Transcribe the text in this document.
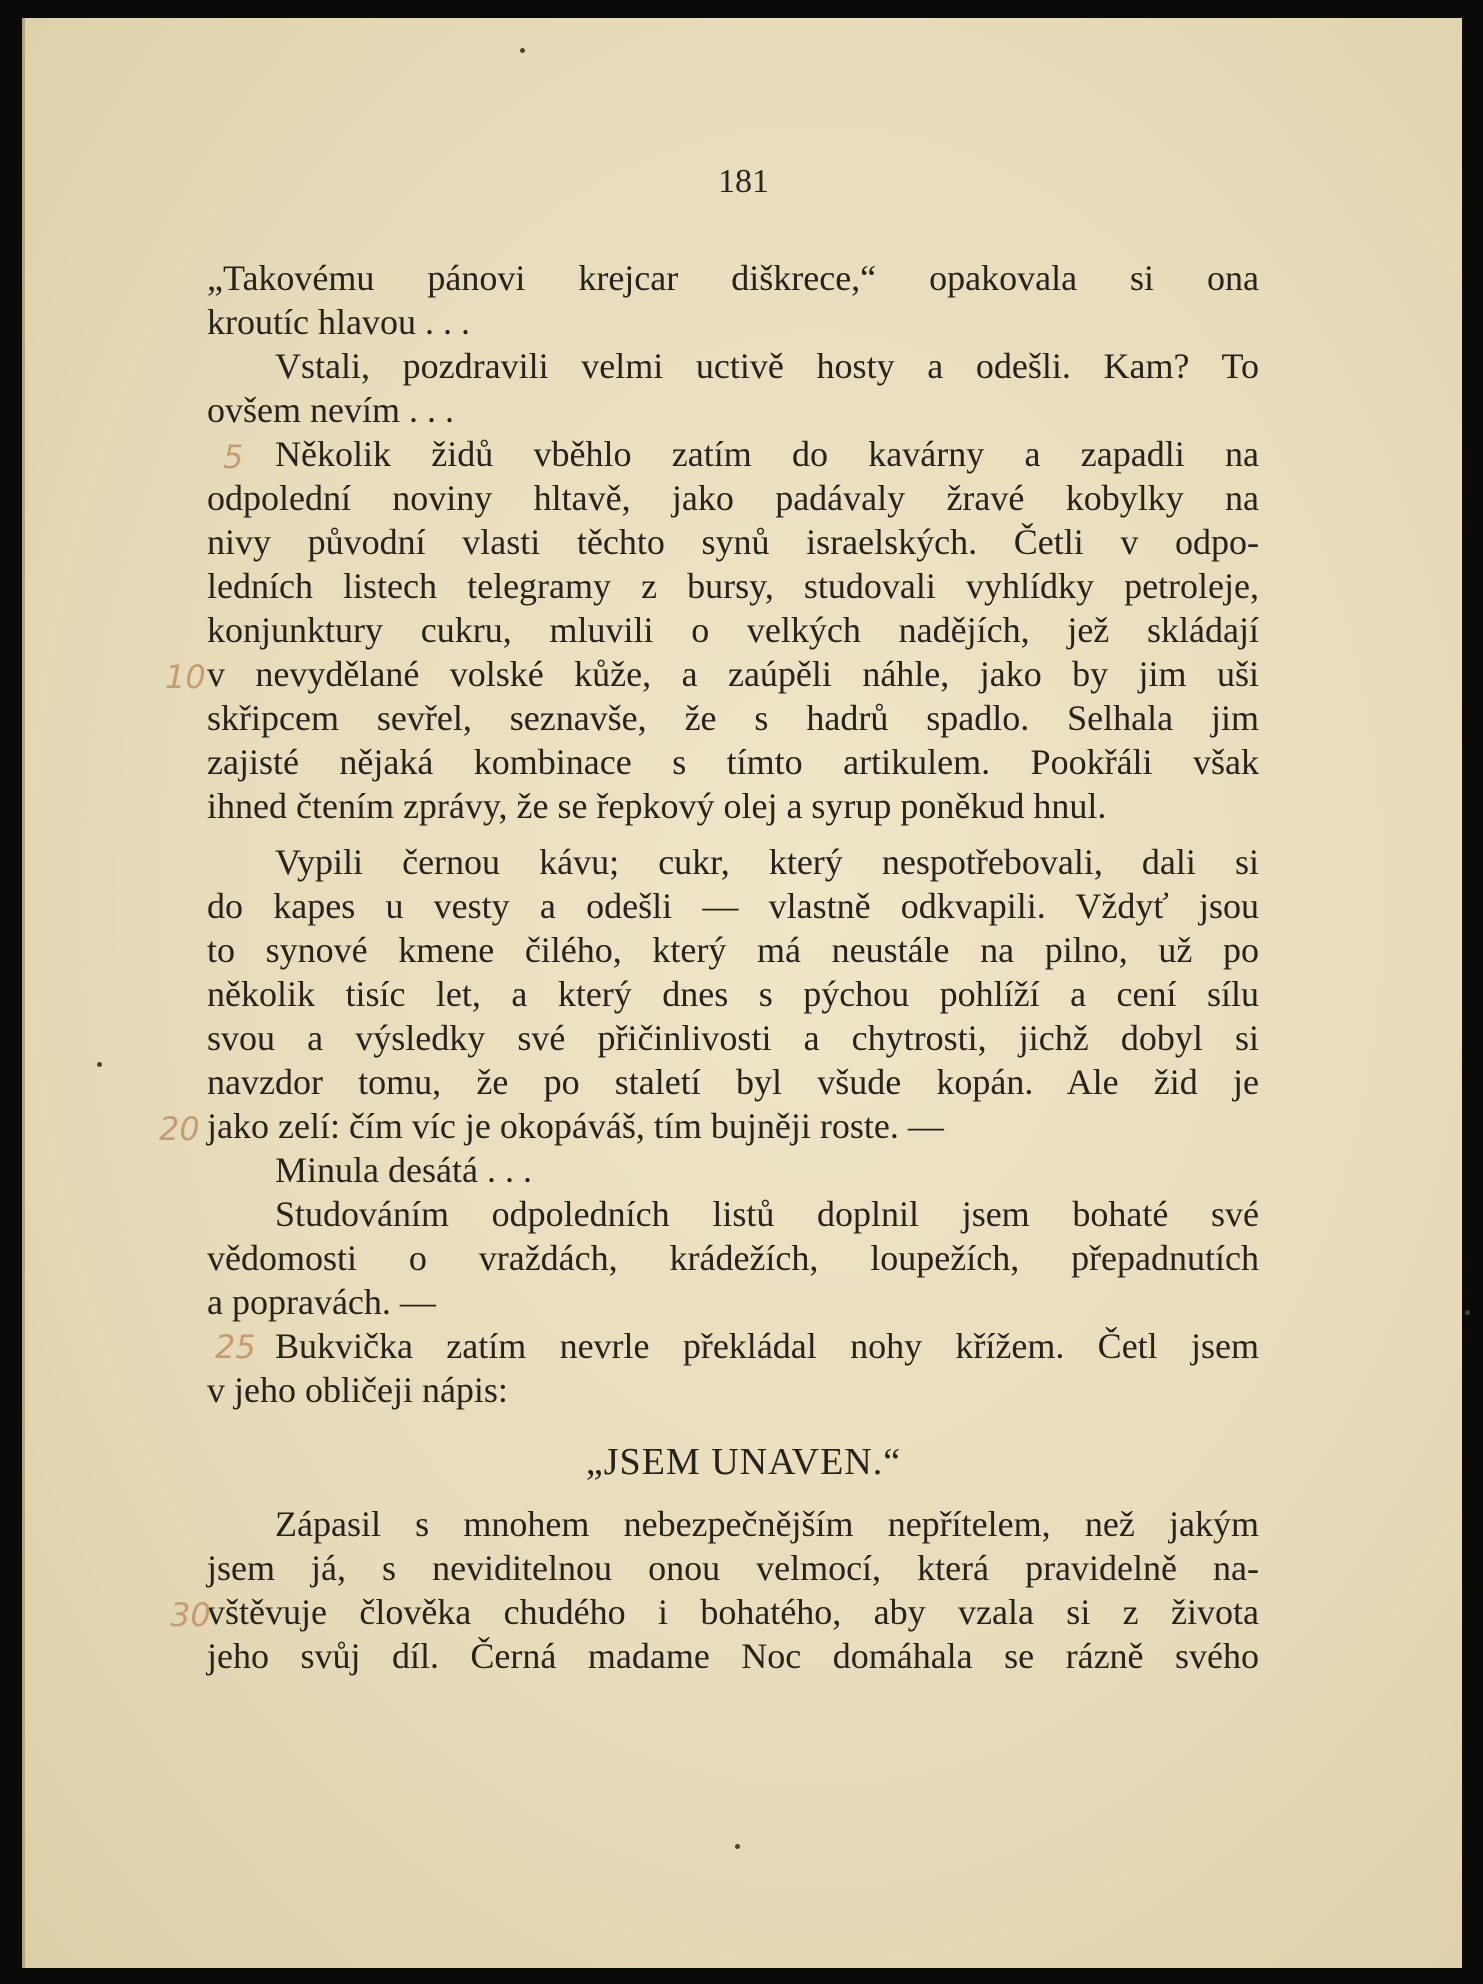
181
„Takovému pánovi krejcar diškrece,“ opakovala si ona
kroutíc hlavou . . .
Vstali, pozdravili velmi uctivě hosty a odešli. Kam? To
ovšem nevím . . .
Několik židů vběhlo zatím do kavárny a zapadli na
odpolední noviny hltavě, jako padávaly žravé kobylky na
nivy původní vlasti těchto synů israelských. Četli v odpo-
ledních listech telegramy z bursy, studovali vyhlídky petroleje,
konjunktury cukru, mluvili o velkých nadějích, jež skládají
v nevydělané volské kůže, a zaúpěli náhle, jako by jim uši
skřipcem sevřel, seznavše, že s hadrů spadlo. Selhala jim
zajisté nějaká kombinace s tímto artikulem. Pookřáli však
ihned čtením zprávy, že se řepkový olej a syrup poněkud hnul.
Vypili černou kávu; cukr, který nespotřebovali, dali si
do kapes u vesty a odešli — vlastně odkvapili. Vždyť jsou
to synové kmene čilého, který má neustále na pilno, už po
několik tisíc let, a který dnes s pýchou pohlíží a cení sílu
svou a výsledky své přičinlivosti a chytrosti, jichž dobyl si
navzdor tomu, že po staletí byl všude kopán. Ale žid je
jako zelí: čím víc je okopáváš, tím bujněji roste. —
Minula desátá . . .
Studováním odpoledních listů doplnil jsem bohaté své
vědomosti o vraždách, krádežích, loupežích, přepadnutích
a popravách. —
Bukvička zatím nevrle překládal nohy křížem. Četl jsem
v jeho obličeji nápis:
„JSEM UNAVEN.“
Zápasil s mnohem nebezpečnějším nepřítelem, než jakým
jsem já, s neviditelnou onou velmocí, která pravidelně na-
vštěvuje člověka chudého i bohatého, aby vzala si z života
jeho svůj díl. Černá madame Noc domáhala se rázně svého
5
10
20
25
30
